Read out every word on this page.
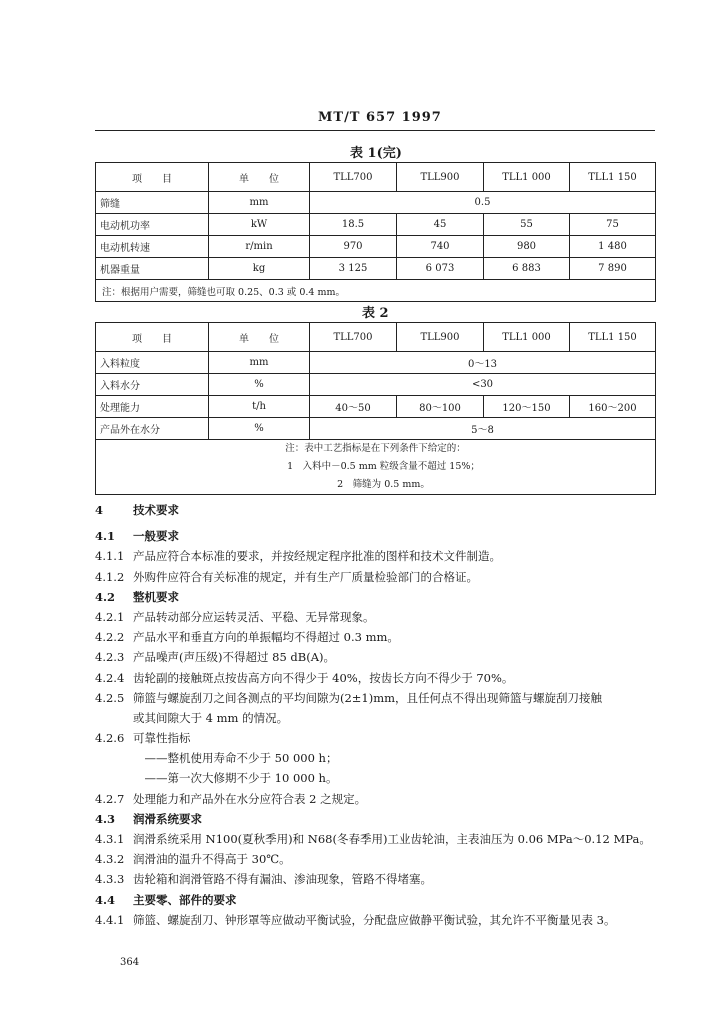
MT/T 657 1997
表 1(完)
项　　目	单　　位	TLL700	TLL900	TLL1 000	TLL1 150
筛缝	mm	0.5			
电动机功率	kW	18.5	45	55	75
电动机转速	r/min	970	740	980	1 480
机器重量	kg	3 125	6 073	6 883	7 890
注：根据用户需要，筛缝也可取 0.25、0.3 或 0.4 mm。					
表 2
项　　目	单　　位	TLL700	TLL900	TLL1 000	TLL1 150
入料粒度	mm	0～13			
入料水分	%	<30			
处理能力	t/h	40～50	80～100	120～150	160～200
产品外在水分	%	5～8			

注：表中工艺指标是在下列条件下给定的：
1　入料中－0.5 mm 粒级含量不超过 15%；
2　筛缝为 0.5 mm。					
4	技术要求
4.1 一般要求
4.1.1 产品应符合本标准的要求，并按经规定程序批准的图样和技术文件制造。
4.1.2 外购件应符合有关标准的规定，并有生产厂质量检验部门的合格证。
4.2 整机要求
4.2.1 产品转动部分应运转灵活、平稳、无异常现象。
4.2.2 产品水平和垂直方向的单振幅均不得超过 0.3 mm。
4.2.3 产品噪声(声压级)不得超过 85 dB(A)。
4.2.4 齿轮副的接触斑点按齿高方向不得少于 40%，按齿长方向不得少于 70%。
4.2.5 筛篮与螺旋刮刀之间各测点的平均间隙为(2±1)mm，且任何点不得出现筛篮与螺旋刮刀接触
或其间隙大于 4 mm 的情况。
4.2.6 可靠性指标
　——整机使用寿命不少于 50 000 h；
　——第一次大修期不少于 10 000 h。
4.2.7 处理能力和产品外在水分应符合表 2 之规定。
4.3 润滑系统要求
4.3.1 润滑系统采用 N100(夏秋季用)和 N68(冬春季用)工业齿轮油，主表油压为 0.06 MPa～0.12 MPa。
4.3.2 润滑油的温升不得高于 30℃。
4.3.3 齿轮箱和润滑管路不得有漏油、渗油现象，管路不得堵塞。
4.4 主要零、部件的要求
4.4.1 筛篮、螺旋刮刀、钟形罩等应做动平衡试验，分配盘应做静平衡试验，其允许不平衡量见表 3。
364
